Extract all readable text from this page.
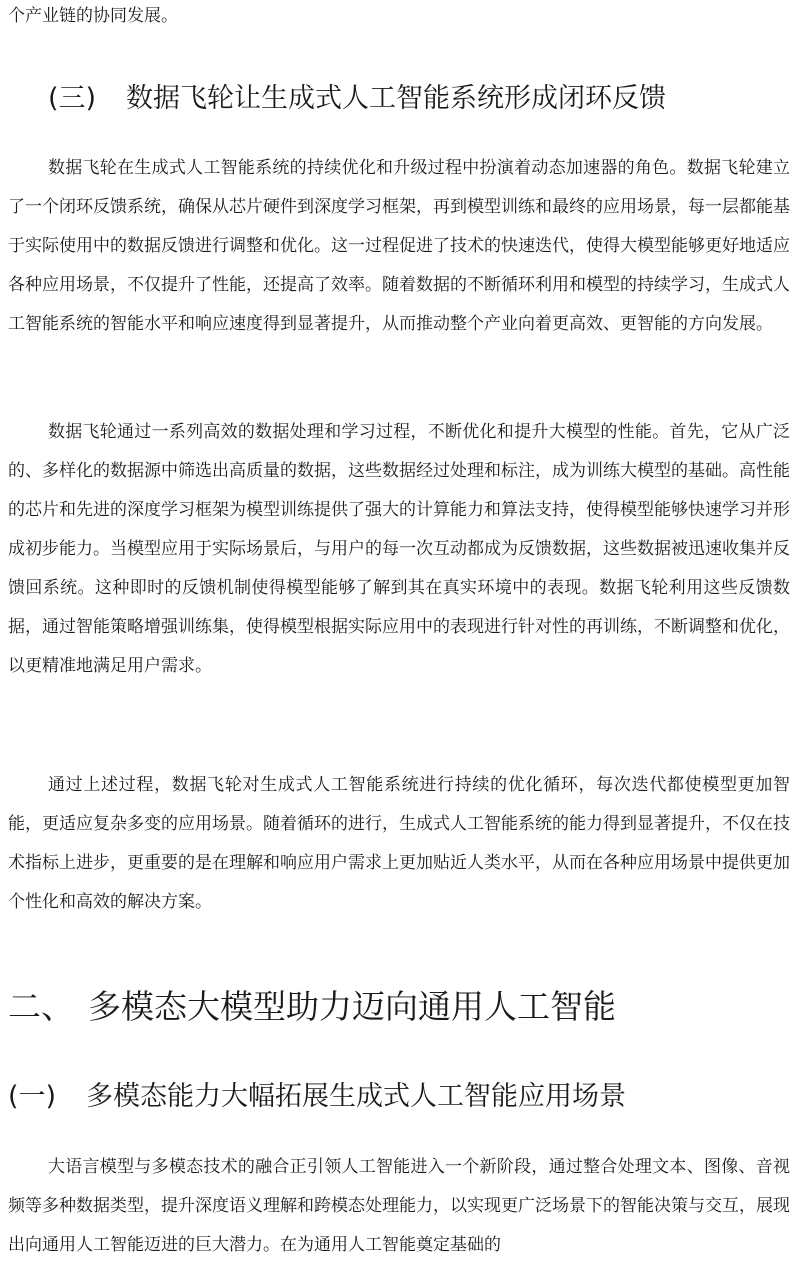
个产业链的协同发展。
(三) 数据飞轮让生成式人工智能系统形成闭环反馈

数据飞轮在生成式人工智能系统的持续优化和升级过程中扮演着动态加速器的角色。数据飞轮建立了一个闭环反馈系统，确保从芯片硬件到深度学习框架，再到模型训练和最终的应用场景，每一层都能基于实际使用中的数据反馈进行调整和优化。这一过程促进了技术的快速迭代，使得大模型能够更好地适应各种应用场景，不仅提升了性能，还提高了效率。随着数据的不断循环利用和模型的持续学习，生成式人工智能系统的智能水平和响应速度得到显著提升，从而推动整个产业向着更高效、更智能的方向发展。

数据飞轮通过一系列高效的数据处理和学习过程，不断优化和提升大模型的性能。首先，它从广泛的、多样化的数据源中筛选出高质量的数据，这些数据经过处理和标注，成为训练大模型的基础。高性能的芯片和先进的深度学习框架为模型训练提供了强大的计算能力和算法支持，使得模型能够快速学习并形成初步能力。当模型应用于实际场景后，与用户的每一次互动都成为反馈数据，这些数据被迅速收集并反馈回系统。这种即时的反馈机制使得模型能够了解到其在真实环境中的表现。数据飞轮利用这些反馈数据，通过智能策略增强训练集，使得模型根据实际应用中的表现进行针对性的再训练，不断调整和优化，以更精准地满足用户需求。

通过上述过程，数据飞轮对生成式人工智能系统进行持续的优化循环，每次迭代都使模型更加智能，更适应复杂多变的应用场景。随着循环的进行，生成式人工智能系统的能力得到显著提升，不仅在技术指标上进步，更重要的是在理解和响应用户需求上更加贴近人类水平，从而在各种应用场景中提供更加个性化和高效的解决方案。

二、 多模态大模型助力迈向通用人工智能
(一) 多模态能力大幅拓展生成式人工智能应用场景

大语言模型与多模态技术的融合正引领人工智能进入一个新阶段，通过整合处理文本、图像、音视频等多种数据类型，提升深度语义理解和跨模态处理能力，以实现更广泛场景下的智能决策与交互，展现出向通用人工智能迈进的巨大潜力。在为通用人工智能奠定基础的
